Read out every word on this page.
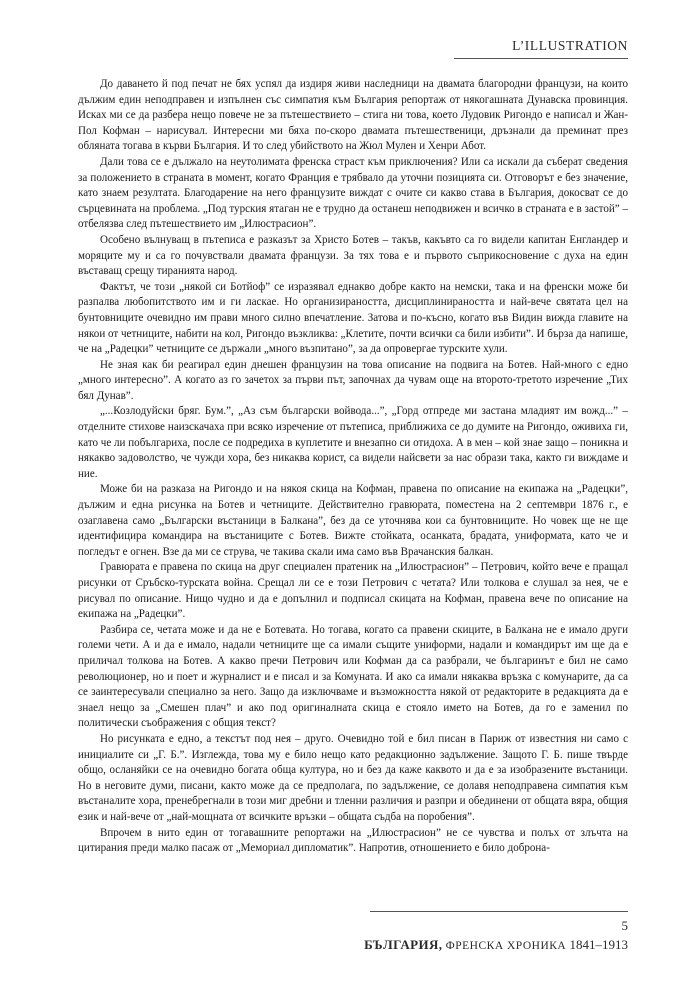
L’ILLUSTRATION

До даването й под печат не бях успял да издиря живи наследници на двамата благородни французи, на които дължим един неподправен и изпълнен със симпатия към България репортаж от някогашната Дунавска провинция. Исках ми се да разбера нещо повече не за пътешествието – стига ни това, което Лудовик Ригондо е написал и Жан-Пол Кофман – нарисувал. Интересни ми бяха по-скоро двамата пътешественици, дръзнали да преминат през обляната тогава в кърви България. И то след убийството на Жюл Мулен и Хенри Абот.

Дали това се е дължало на неутолимата френска страст към приключения? Или са искали да съберат сведения за положението в страната в момент, когато Франция е трябвало да уточни позицията си. Отговорът е без значение, като знаем резултата. Благодарение на него французите виждат с очите си какво става в България, докосват се до сърцевината на проблема. „Под турския ятаган не е трудно да останеш неподвижен и всичко в страната е в застой” – отбелязва след пътешествието им „Илюстрасион”.

Особено вълнуващ в пътеписа е разказът за Христо Ботев – такъв, какъвто са го видели капитан Енгландер и моряците му и са го почувствали двамата французи. За тях това е и първото съприкосновение с духа на един въставащ срещу тиранията народ.

Фактът, че този „някой си Ботйоф” се изразявал еднакво добре както на немски, така и на френски може би разпалва любопитството им и ги ласкае. Но организираността, дисциплинираността и най-вече святата цел на бунтовниците очевидно им прави много силно впечатление. Затова и по-късно, когато във Видин вижда главите на някои от четниците, набити на кол, Ригондо възкликва: „Клетите, почти всички са били избити”. И бърза да напише, че на „Радецки” четниците се държали „много възпитано”, за да опровергае турските хули.

Не зная как би реагирал един днешен французин на това описание на подвига на Ботев. Най-много с едно „много интересно”. А когато аз го зачетох за първи път, започнах да чувам още на второто-третото изречение „Тих бял Дунав”.

„...Козлодуйски бряг. Бум.”, „Аз съм български войвода...”, „Горд отпреде ми застана младият им вожд...” – отделните стихове наизскачаха при всяко изречение от пътеписа, приближиха се до думите на Ригондо, оживиха ги, като че ли побългариха, после се подредиха в куплетите и внезапно си отидоха. А в мен – кой знае защо – поникна и някакво задоволство, че чужди хора, без никаква корист, са видели найсвети за нас образи така, както ги виждаме и ние.

Може би на разказа на Ригондо и на някоя скица на Кофман, правена по описание на екипажа на „Радецки”, дължим и една рисунка на Ботев и четниците. Действително гравюрата, поместена на 2 септември 1876 г., е озаглавена само „Български въстаници в Балкана”, без да се уточнява кои са бунтовниците. Но човек ще не ще идентифицира командира на въстаниците с Ботев. Вижте стойката, осанката, брадата, униформата, като че и погледът е огнен. Взе да ми се струва, че такива скали има само във Врачанския балкан.

Гравюрата е правена по скица на друг специален пратеник на „Илюстрасион” – Петрович, който вече е пращал рисунки от Сръбско-турската война. Срещал ли се е този Петрович с четата? Или толкова е слушал за нея, че е рисувал по описание. Нищо чудно и да е допълнил и подписал скицата на Кофман, правена вече по описание на екипажа на „Радецки”.

Разбира се, четата може и да не е Ботевата. Но тогава, когато са правени скиците, в Балкана не е имало други големи чети. А и да е имало, надали четниците ще са имали същите униформи, надали и командирът им ще да е приличал толкова на Ботев. А какво пречи Петрович или Кофман да са разбрали, че българинът е бил не само революционер, но и поет и журналист и е писал и за Комуната. И ако са имали някаква връзка с комунарите, да са се заинтересували специално за него. Защо да изключваме и възможността някой от редакторите в редакцията да е знаел нещо за „Смешен плач” и ако под оригиналната скица е стояло името на Ботев, да го е заменил по политически съображения с общия текст?

Но рисунката е едно, а текстът под нея – друго. Очевидно той е бил писан в Париж от известния ни само с инициалите си „Г. Б.”. Изглежда, това му е било нещо като редакционно задължение. Защото Г. Б. пише твърде общо, осланяйки се на очевидно богата обща култура, но и без да каже каквото и да е за изобразените въстаници. Но в неговите думи, писани, както може да се предполага, по задължение, се долавя неподправена симпатия към въстаналите хора, пренебрегнали в този миг дребни и тленни различия и разпри и обединени от общата вяра, общия език и най-вече от „най-мощната от всичките връзки – общата съдба на поробения”.

Впрочем в нито един от тогавашните репортажи на „Илюстрасион” не се чувства и полъх от злъчта на цитирания преди малко пасаж от „Мемориал дипломатик”. Напротив, отношението е било доброна-

5
БЪЛГАРИЯ, ФРЕНСКА ХРОНИКА 1841–1913
